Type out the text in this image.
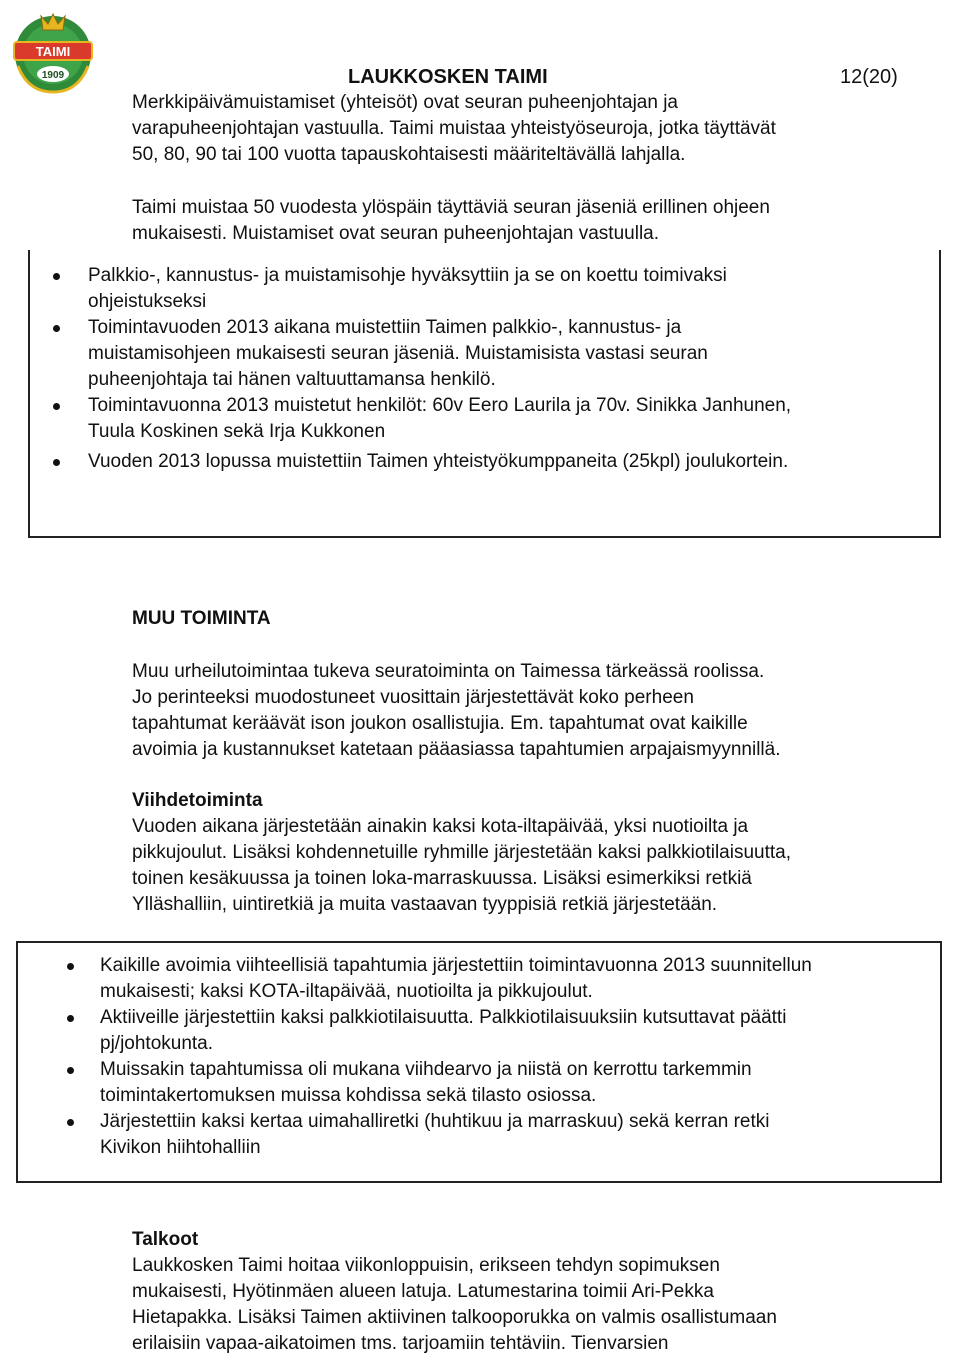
TAIMI
1909	LAUKKOSKEN TAIMI	12(20)
Merkkipäivämuistamiset (yhteisöt) ovat seuran puheenjohtajan ja
varapuheenjohtajan vastuulla. Taimi muistaa yhteistyöseuroja, jotka täyttävät
50, 80, 90 tai 100 vuotta tapauskohtaisesti määriteltävällä lahjalla.
Taimi muistaa 50 vuodesta ylöspäin täyttäviä seuran jäseniä erillinen ohjeen
mukaisesti. Muistamiset ovat seuran puheenjohtajan vastuulla.
Palkkio-, kannustus- ja muistamisohje hyväksyttiin ja se on koettu toimivaksi
ohjeistukseksi
Toimintavuoden 2013 aikana muistettiin Taimen palkkio-, kannustus- ja
muistamisohjeen mukaisesti seuran jäseniä. Muistamisista vastasi seuran
puheenjohtaja tai hänen valtuuttamansa henkilö.
Toimintavuonna 2013 muistetut henkilöt: 60v Eero Laurila ja 70v. Sinikka Janhunen,
Tuula Koskinen sekä Irja Kukkonen
Vuoden 2013 lopussa muistettiin Taimen yhteistyökumppaneita (25kpl) joulukortein.
MUU TOIMINTA
Muu urheilutoimintaa tukeva seuratoiminta on Taimessa tärkeässä roolissa.
Jo perinteeksi muodostuneet vuosittain järjestettävät koko perheen
tapahtumat keräävät ison joukon osallistujia. Em. tapahtumat ovat kaikille
avoimia ja kustannukset katetaan pääasiassa tapahtumien arpajaismyynnillä.
Viihdetoiminta
Vuoden aikana järjestetään ainakin kaksi kota-iltapäivää, yksi nuotioilta ja
pikkujoulut. Lisäksi kohdennetuille ryhmille järjestetään kaksi palkkiotilaisuutta,
toinen kesäkuussa ja toinen loka-marraskuussa. Lisäksi esimerkiksi retkiä
Ylläshalliin, uintiretkiä ja muita vastaavan tyyppisiä retkiä järjestetään.
Kaikille avoimia viihteellisiä tapahtumia järjestettiin toimintavuonna 2013 suunnitellun
mukaisesti; kaksi KOTA-iltapäivää, nuotioilta ja pikkujoulut.
Aktiiveille järjestettiin kaksi palkkiotilaisuutta. Palkkiotilaisuuksiin kutsuttavat päätti
pj/johtokunta.
Muissakin tapahtumissa oli mukana viihdearvo ja niistä on kerrottu tarkemmin
toimintakertomuksen muissa kohdissa sekä tilasto osiossa.
Järjestettiin kaksi kertaa uimahalliretki (huhtikuu ja marraskuu) sekä kerran retki
Kivikon hiihtohalliin
Talkoot
Laukkosken Taimi hoitaa viikonloppuisin, erikseen tehdyn sopimuksen
mukaisesti, Hyötinmäen alueen latuja. Latumestarina toimii Ari-Pekka
Hietapakka. Lisäksi Taimen aktiivinen talkooporukka on valmis osallistumaan
erilaisiin vapaa-aikatoimen tms. tarjoamiin tehtäviin. Tienvarsien
